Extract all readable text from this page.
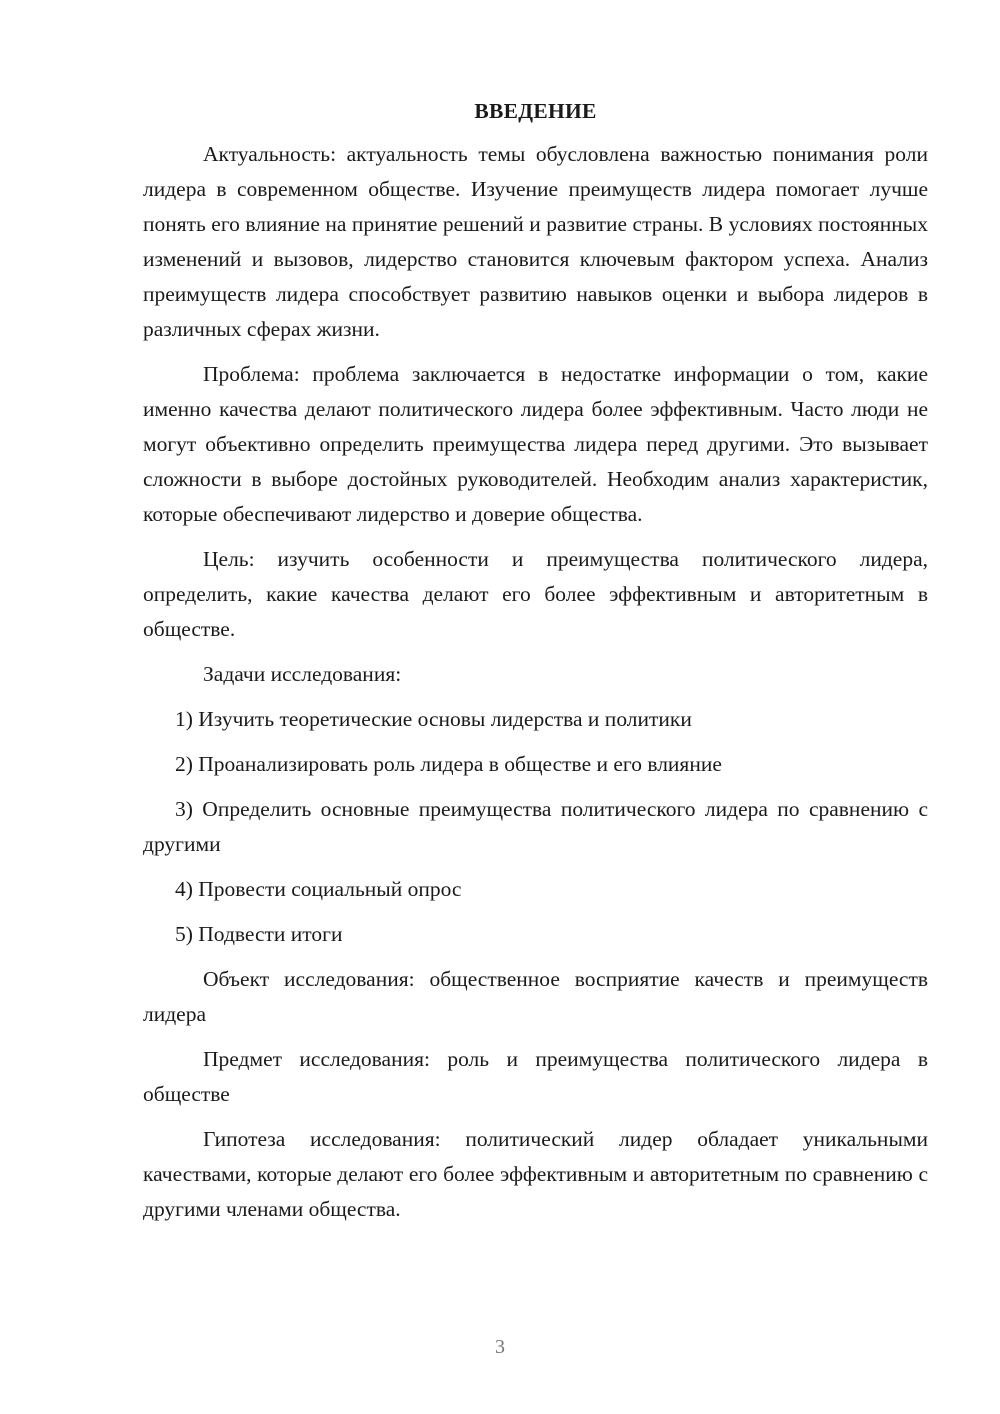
ВВЕДЕНИЕ

Актуальность: актуальность темы обусловлена важностью понимания роли лидера в современном обществе. Изучение преимуществ лидера помогает лучше понять его влияние на принятие решений и развитие страны. В условиях постоянных изменений и вызовов, лидерство становится ключевым фактором успеха. Анализ преимуществ лидера способствует развитию навыков оценки и выбора лидеров в различных сферах жизни.

Проблема: проблема заключается в недостатке информации о том, какие именно качества делают политического лидера более эффективным. Часто люди не могут объективно определить преимущества лидера перед другими. Это вызывает сложности в выборе достойных руководителей. Необходим анализ характеристик, которые обеспечивают лидерство и доверие общества.

Цель: изучить особенности и преимущества политического лидера, определить, какие качества делают его более эффективным и авторитетным в обществе.

Задачи исследования:

1) Изучить теоретические основы лидерства и политики

2) Проанализировать роль лидера в обществе и его влияние

3) Определить основные преимущества политического лидера по сравнению с другими

4) Провести социальный опрос

5) Подвести итоги

Объект исследования: общественное восприятие качеств и преимуществ лидера

Предмет исследования: роль и преимущества политического лидера в обществе

Гипотеза исследования: политический лидер обладает уникальными качествами, которые делают его более эффективным и авторитетным по сравнению с другими членами общества.

3
